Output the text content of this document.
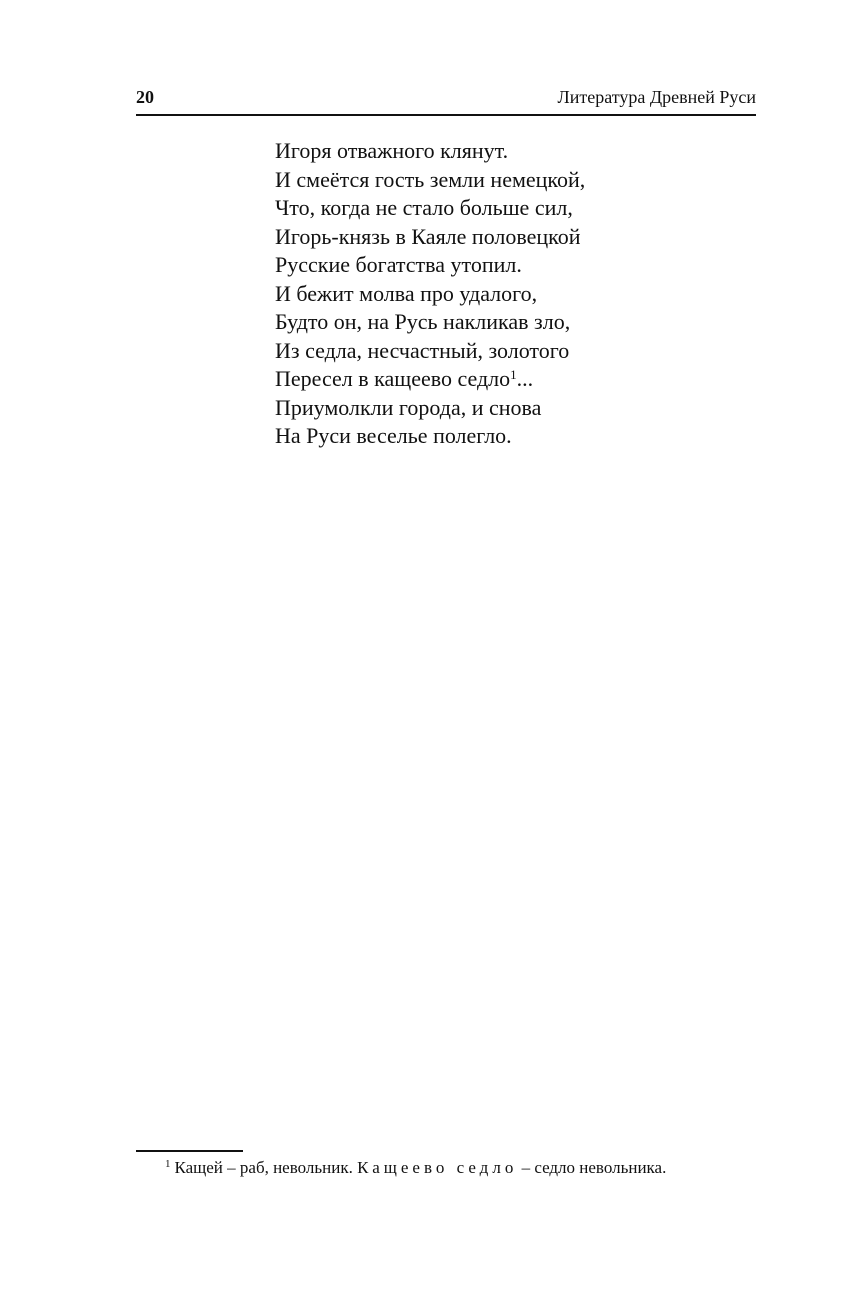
20	Литература Древней Руси
Игоря отважного клянут.
И смеётся гость земли немецкой,
Что, когда не стало больше сил,
Игорь-князь в Каяле половецкой
Русские богатства утопил.
И бежит молва про удалого,
Будто он, на Русь накликав зло,
Из седла, несчастный, золотого
Пересел в кащеево седло$^1$...
Приумолкли города, и снова
На Руси веселье полегло.
$^1$ Кащей – раб, невольник. Кащеево седло – седло невольника.
